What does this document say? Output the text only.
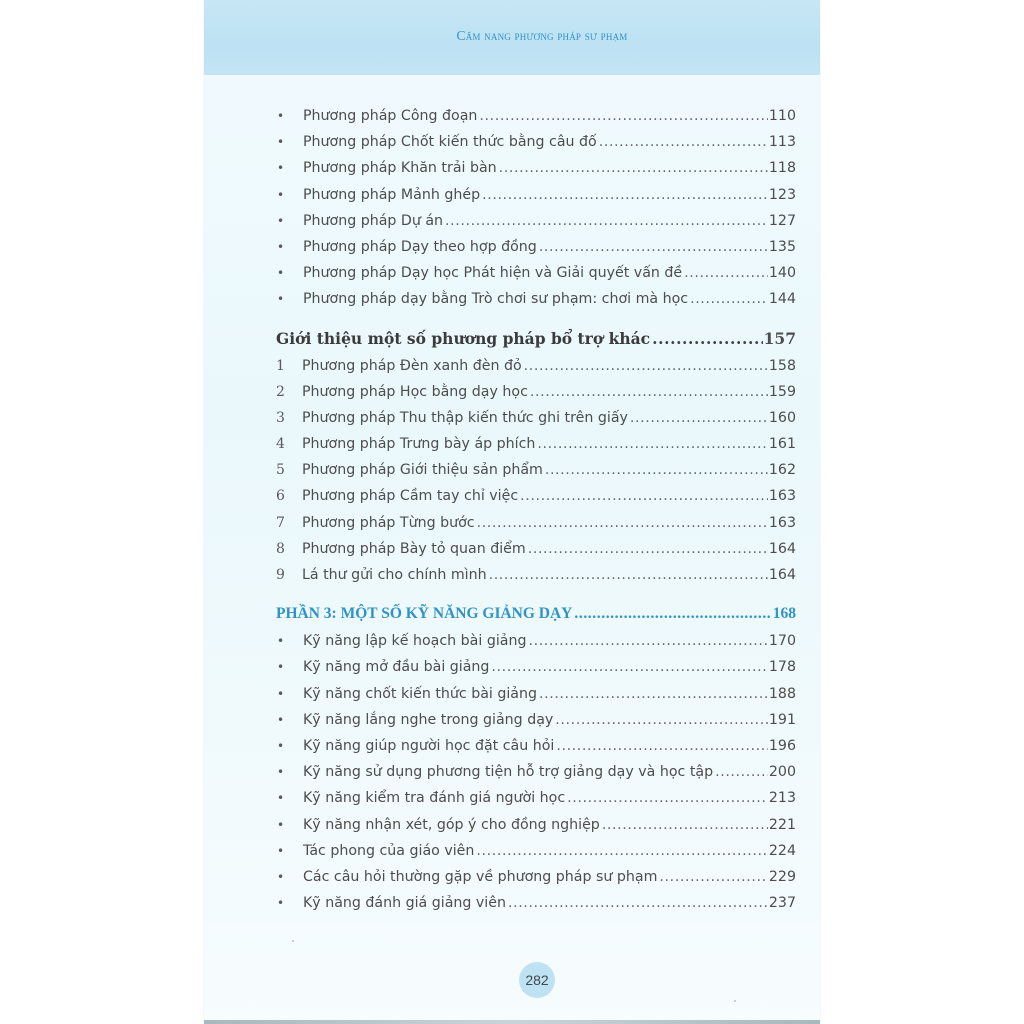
Cẩm nang phương pháp sư phạm
•	Phương pháp Công đoạn .....	110
•	Phương pháp Chốt kiến thức bằng câu đố .....	113
•	Phương pháp Khăn trải bàn .....	118
•	Phương pháp Mảnh ghép .....	123
•	Phương pháp Dự án .....	127
•	Phương pháp Dạy theo hợp đồng .....	135
•	Phương pháp Dạy học Phát hiện và Giải quyết vấn đề .....	140
•	Phương pháp dạy bằng Trò chơi sư phạm: chơi mà học .....	144
Giới thiệu một số phương pháp bổ trợ khác .....	157
1	Phương pháp Đèn xanh đèn đỏ .....	158
2	Phương pháp Học bằng dạy học .....	159
3	Phương pháp Thu thập kiến thức ghi trên giấy .....	160
4	Phương pháp Trưng bày áp phích .....	161
5	Phương pháp Giới thiệu sản phẩm .....	162
6	Phương pháp Cầm tay chỉ việc .....	163
7	Phương pháp Từng bước .....	163
8	Phương pháp Bày tỏ quan điểm .....	164
9	Lá thư gửi cho chính mình .....	164
PHẦN 3: MỘT SỐ KỸ NĂNG GIẢNG DẠY .....	168
•	Kỹ năng lập kế hoạch bài giảng .....	170
•	Kỹ năng mở đầu bài giảng .....	178
•	Kỹ năng chốt kiến thức bài giảng .....	188
•	Kỹ năng lắng nghe trong giảng dạy .....	191
•	Kỹ năng giúp người học đặt câu hỏi .....	196
•	Kỹ năng sử dụng phương tiện hỗ trợ giảng dạy và học tập .....	200
•	Kỹ năng kiểm tra đánh giá người học .....	213
•	Kỹ năng nhận xét, góp ý cho đồng nghiệp .....	221
•	Tác phong của giáo viên .....	224
•	Các câu hỏi thường gặp về phương pháp sư phạm .....	229
•	Kỹ năng đánh giá giảng viên .....	237
282
